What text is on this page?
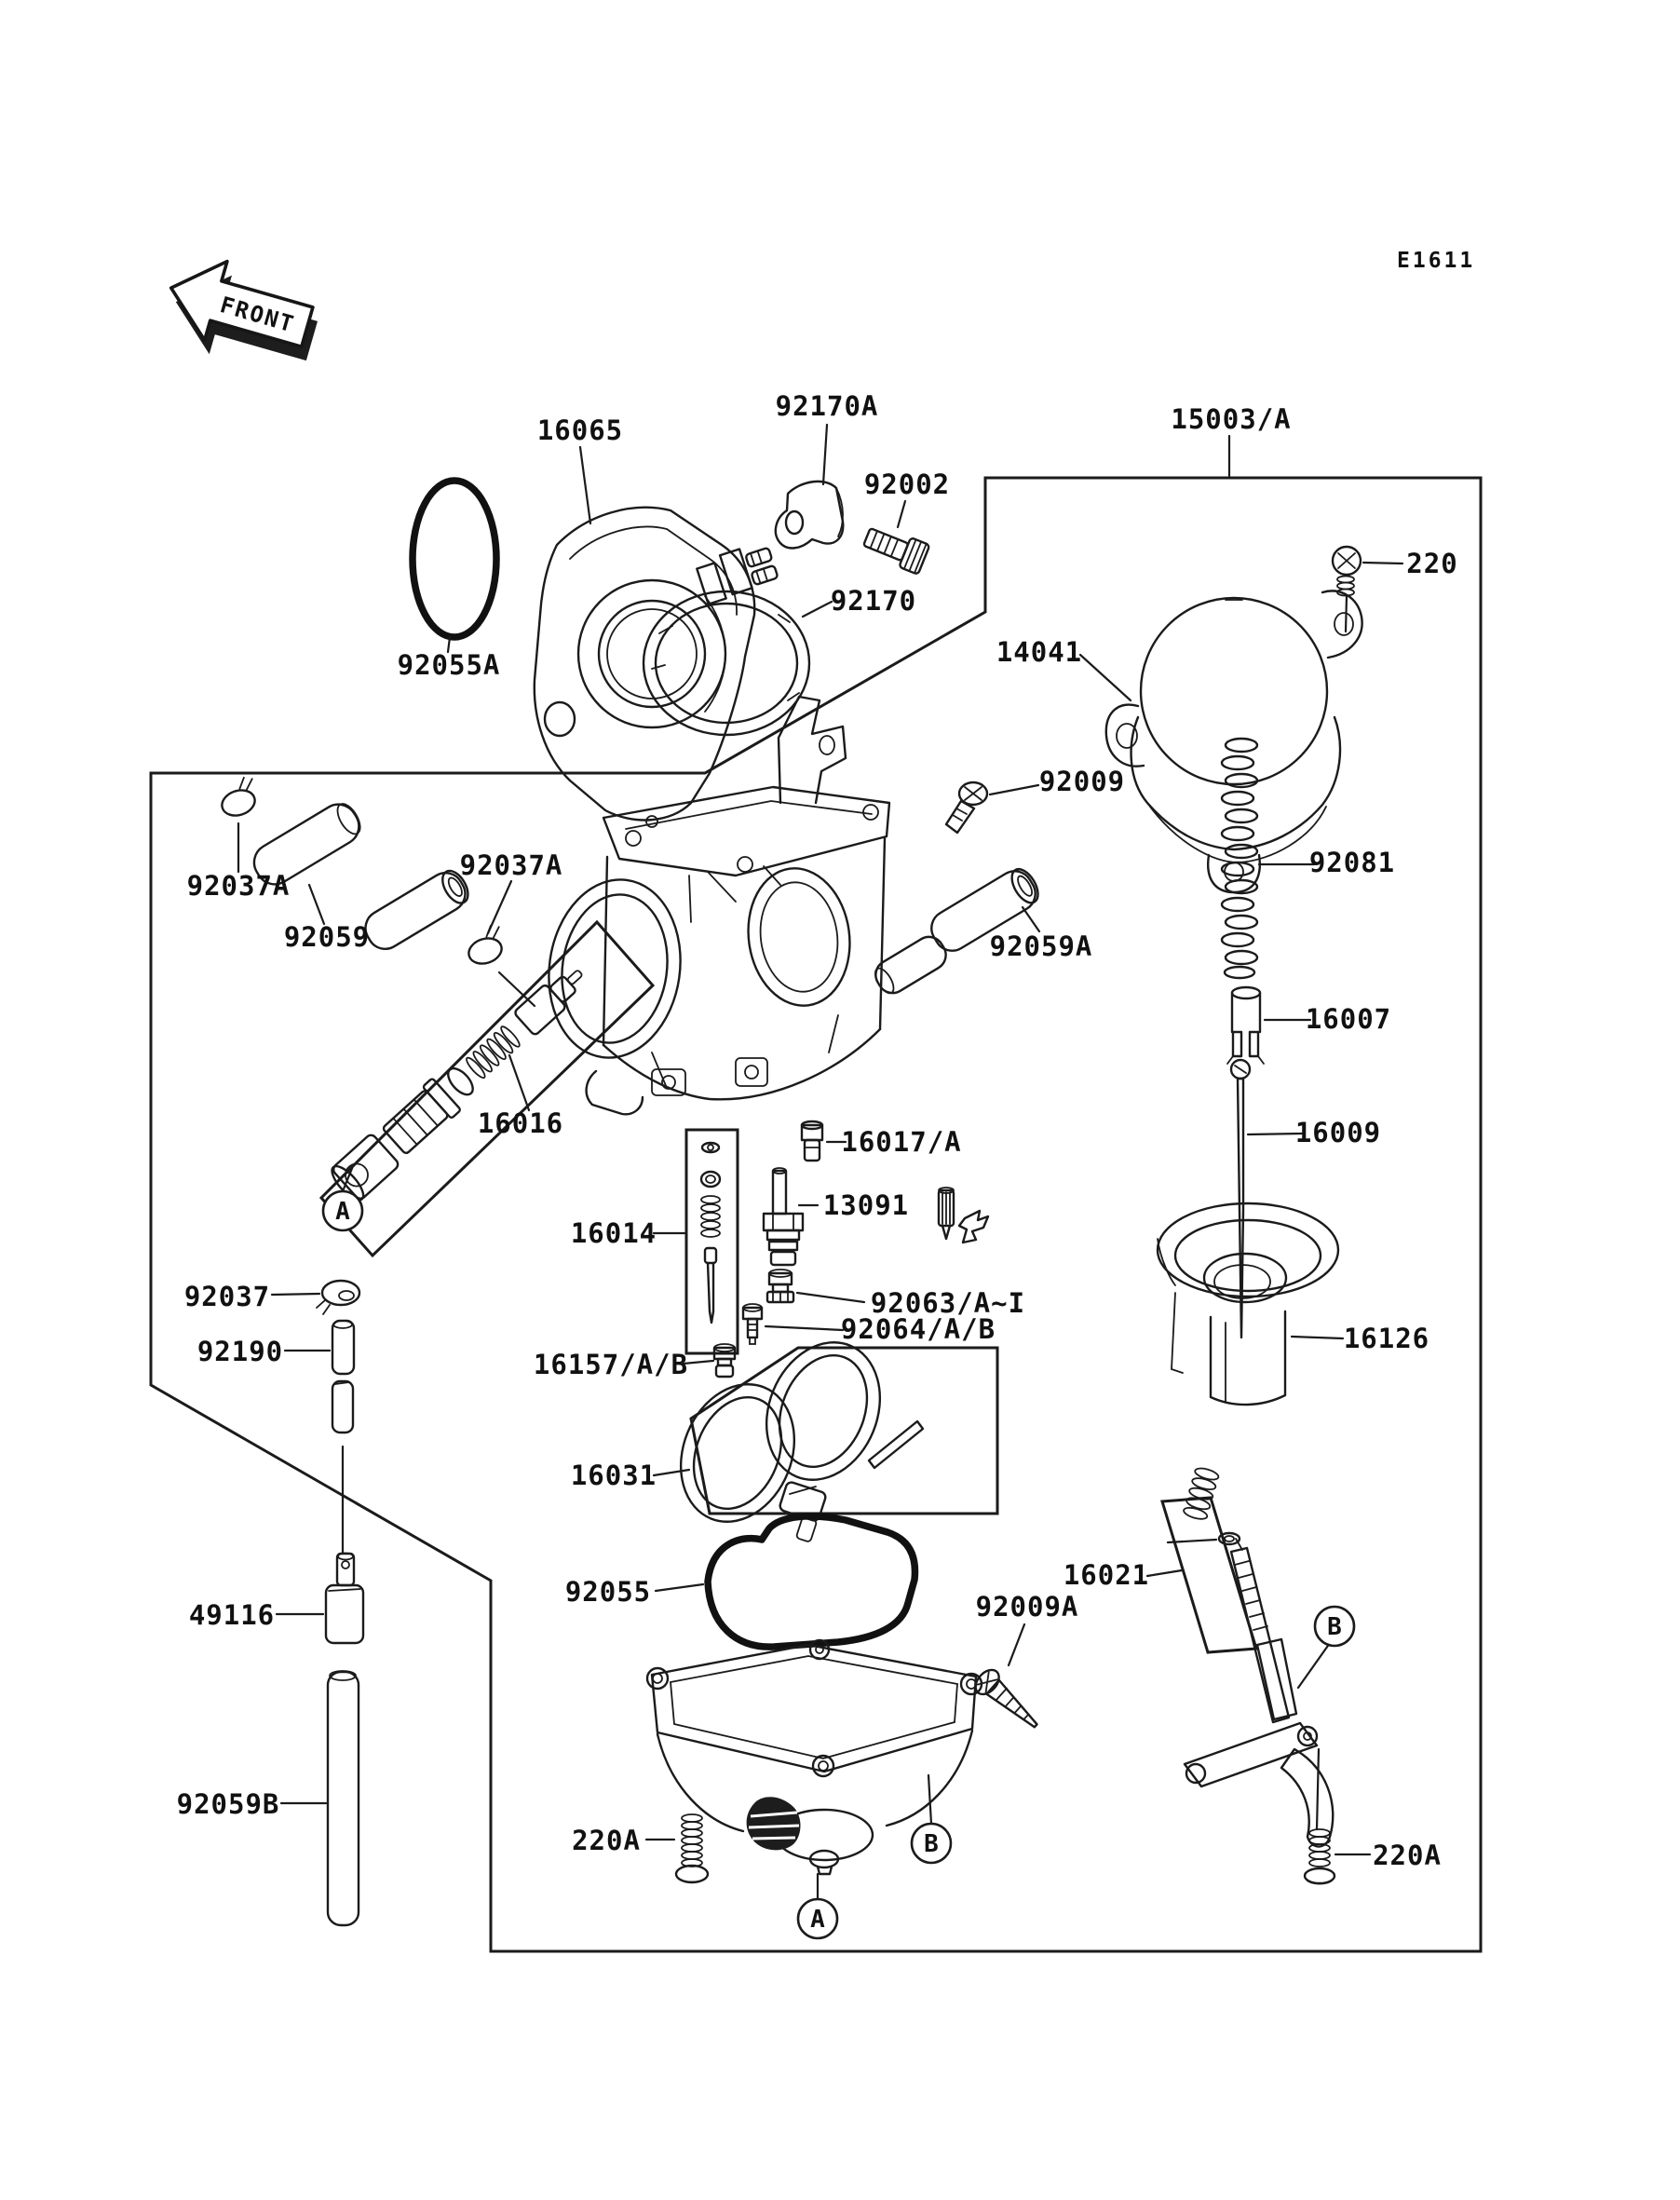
FRONT
16065
92170A
92002
92170
92055A
15003/A
220
14041
92009
92081
16007
16009
92059A
16016
92037A
92059
92037A
92037
92190
49116
92059B
16014
16017/A
13091
92063/A~I
92064/A/B
16157/A/B
16031
92055
16126
16021
92009A
220A	220A
A
A
B
B
E1611
